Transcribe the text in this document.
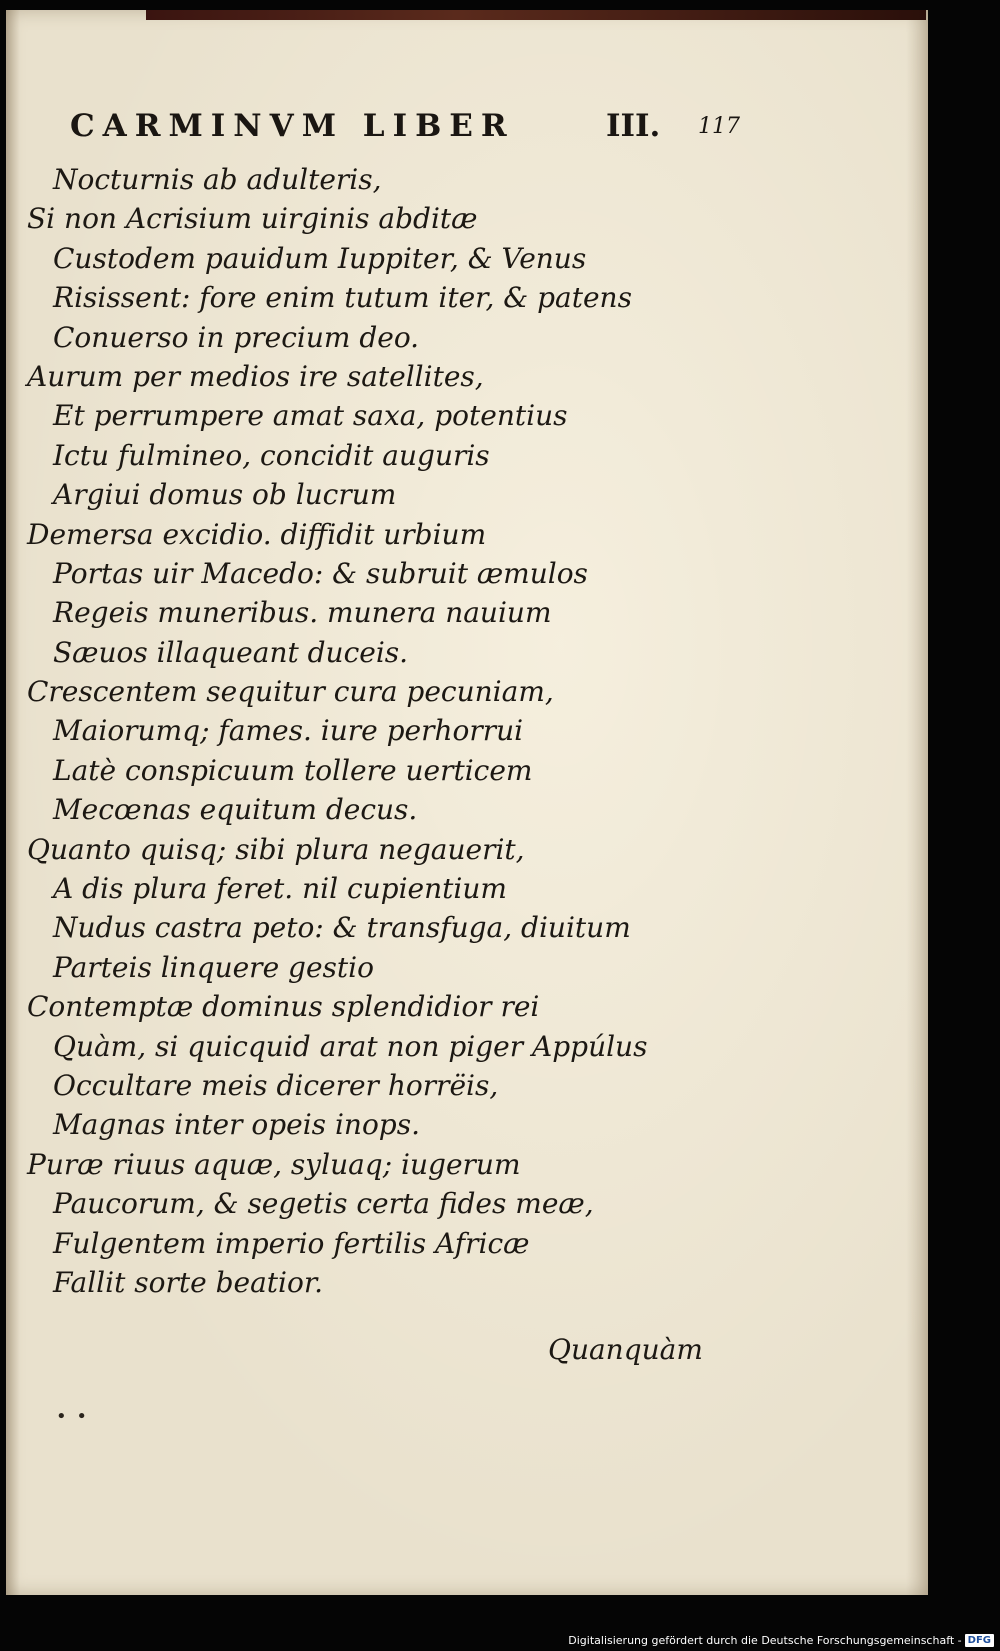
CARMINVM LIBER	III. 117
Nocturnis ab adulteris,
Si non Acrisium uirginis abditæ
Custodem pauidum Iuppiter, & Venus
Risissent: fore enim tutum iter, & patens
Conuerso in precium deo.
Aurum per medios ire satellites,
Et perrumpere amat saxa, potentius
Ictu fulmineo, concidit auguris
Argiui domus ob lucrum
Demersa excidio. diffidit urbium
Portas uir Macedo: & subruit æmulos
Regeis muneribus. munera nauium
Sæuos illaqueant duceis.
Crescentem sequitur cura pecuniam,
Maiorumq; fames. iure perhorrui
Latè conspicuum tollere uerticem
Mecœnas equitum decus.
Quanto quisq; sibi plura negauerit,
A dis plura feret. nil cupientium
Nudus castra peto: & transfuga, diuitum
Parteis linquere gestio
Contemptæ dominus splendidior rei
Quàm, si quicquid arat non piger Appúlus
Occultare meis dicerer horrëis,
Magnas inter opeis inops.
Puræ riuus aquæ, syluaq; iugerum
Paucorum, & segetis certa fides meæ,
Fulgentem imperio fertilis Africæ
Fallit sorte beatior.
Quanquàm
• •
Digitalisierung gefördert durch die Deutsche Forschungsgemeinschaft - DFG
